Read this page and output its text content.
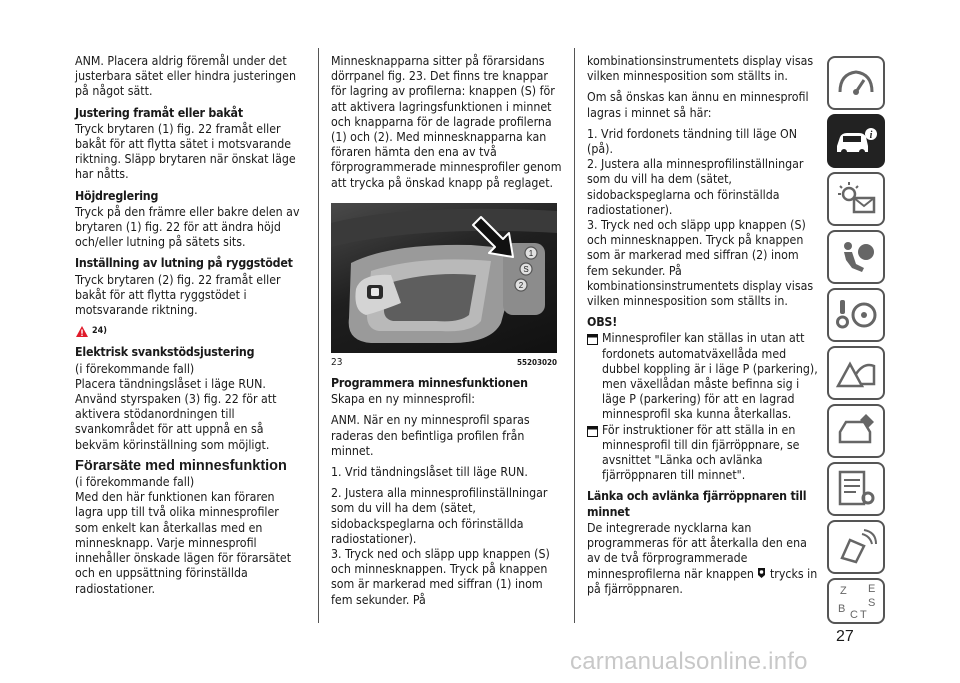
ANM. Placera aldrig föremål under det justerbara sätet eller hindra justeringen på något sätt.

Justering framåt eller bakåt

Tryck brytaren (1) fig. 22 framåt eller bakåt för att flytta sätet i motsvarande riktning. Släpp brytaren när önskat läge har nåtts.

Höjdreglering

Tryck på den främre eller bakre delen av brytaren (1) fig. 22 för att ändra höjd och/eller lutning på sätets sits.

Inställning av lutning på ryggstödet

Tryck brytaren (2) fig. 22 framåt eller bakåt för att flytta ryggstödet i motsvarande riktning.

24)
Elektrisk svankstödsjustering

(i förekommande fall)

Placera tändningslåset i läge RUN. Använd styrspaken (3) fig. 22 för att aktivera stödanordningen till svankområdet för att uppnå en så bekväm körinställning som möjligt.

Förarsäte med minnesfunktion

(i förekommande fall)

Med den här funktionen kan föraren lagra upp till två olika minnesprofiler som enkelt kan återkallas med en minnesknapp. Varje minnesprofil innehåller önskade lägen för förarsätet och en uppsättning förinställda radiostationer.

Minnesknapparna sitter på förarsidans dörrpanel fig. 23. Det finns tre knappar för lagring av profilerna: knappen (S) för att aktivera lagringsfunktionen i minnet och knapparna för de lagrade profilerna (1) och (2). Med minnesknapparna kan föraren hämta den ena av två förprogrammerade minnesprofiler genom att trycka på önskad knapp på reglaget.

1
S
2
23	55203020
Programmera minnesfunktionen

Skapa en ny minnesprofil:

ANM. När en ny minnesprofil sparas raderas den befintliga profilen från minnet.

1. Vrid tändningslåset till läge RUN.

2. Justera alla minnesprofilinställningar som du vill ha dem (sätet, sidobackspeglarna och förinställda radiostationer).

3. Tryck ned och släpp upp knappen (S) och minnesknappen. Tryck på knappen som är markerad med siffran (1) inom fem sekunder. På

kombinationsinstrumentets display visas vilken minnesposition som ställts in.

Om så önskas kan ännu en minnesprofil lagras i minnet så här:

1. Vrid fordonets tändning till läge ON (på).

2. Justera alla minnesprofilinställningar som du vill ha dem (sätet, sidobackspeglarna och förinställda radiostationer).

3. Tryck ned och släpp upp knappen (S) och minnesknappen. Tryck på knappen som är markerad med siffran (2) inom fem sekunder. På kombinationsinstrumentets display visas vilken minnesposition som ställts in.

OBS!
Minnesprofiler kan ställas in utan att fordonets automatväxellåda med dubbel koppling är i läge P (parkering), men växellådan måste befinna sig i läge P (parkering) för att en lagrad minnesprofil ska kunna återkallas.
För instruktioner för att ställa in en minnesprofil till din fjärröppnare, se avsnittet "Länka och avlänka fjärröppnaren till minnet".
Länka och avlänka fjärröppnaren till minnet

De integrerade nycklarna kan programmeras för att återkalla den ena av de två förprogrammerade minnesprofilerna när knappen trycks in på fjärröppnaren.

i
Z E
B C T
S
27
carmanualsonline.info
